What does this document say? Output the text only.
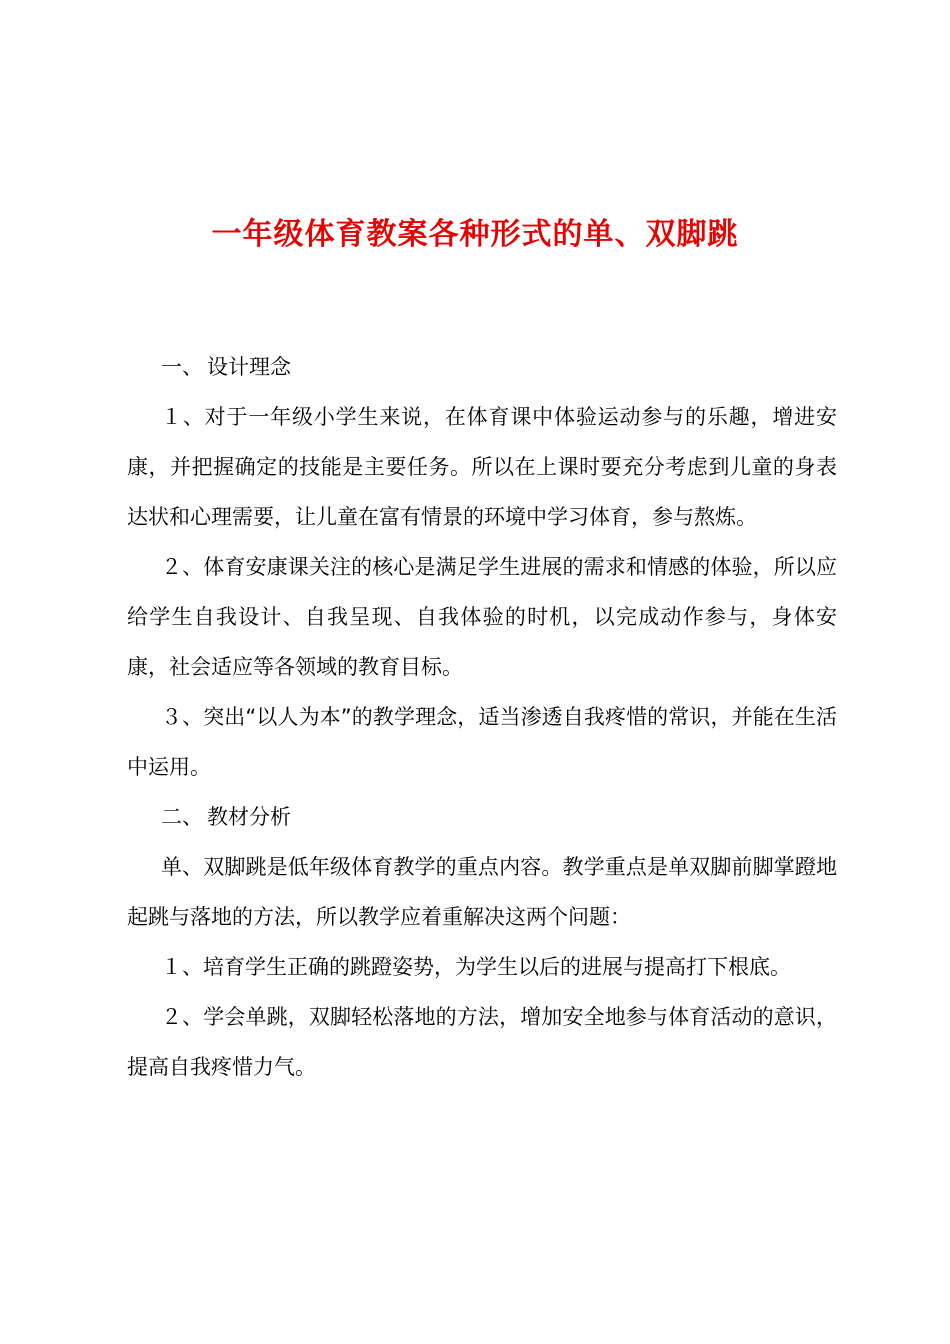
一年级体育教案各种形式的单、双脚跳
一、 设计理念

１、对于一年级小学生来说，在体育课中体验运动参与的乐趣，增进安康，并把握确定的技能是主要任务。所以在上课时要充分考虑到儿童的身表达状和心理需要，让儿童在富有情景的环境中学习体育，参与熬炼。

２、体育安康课关注的核心是满足学生进展的需求和情感的体验，所以应给学生自我设计、自我呈现、自我体验的时机，以完成动作参与，身体安康，社会适应等各领域的教育目标。

３、突出“以人为本”的教学理念，适当渗透自我疼惜的常识，并能在生活中运用。

二、 教材分析

单、双脚跳是低年级体育教学的重点内容。教学重点是单双脚前脚掌蹬地起跳与落地的方法，所以教学应着重解决这两个问题：

１、培育学生正确的跳蹬姿势，为学生以后的进展与提高打下根底。

２、学会单跳，双脚轻松落地的方法，增加安全地参与体育活动的意识，提高自我疼惜力气。
